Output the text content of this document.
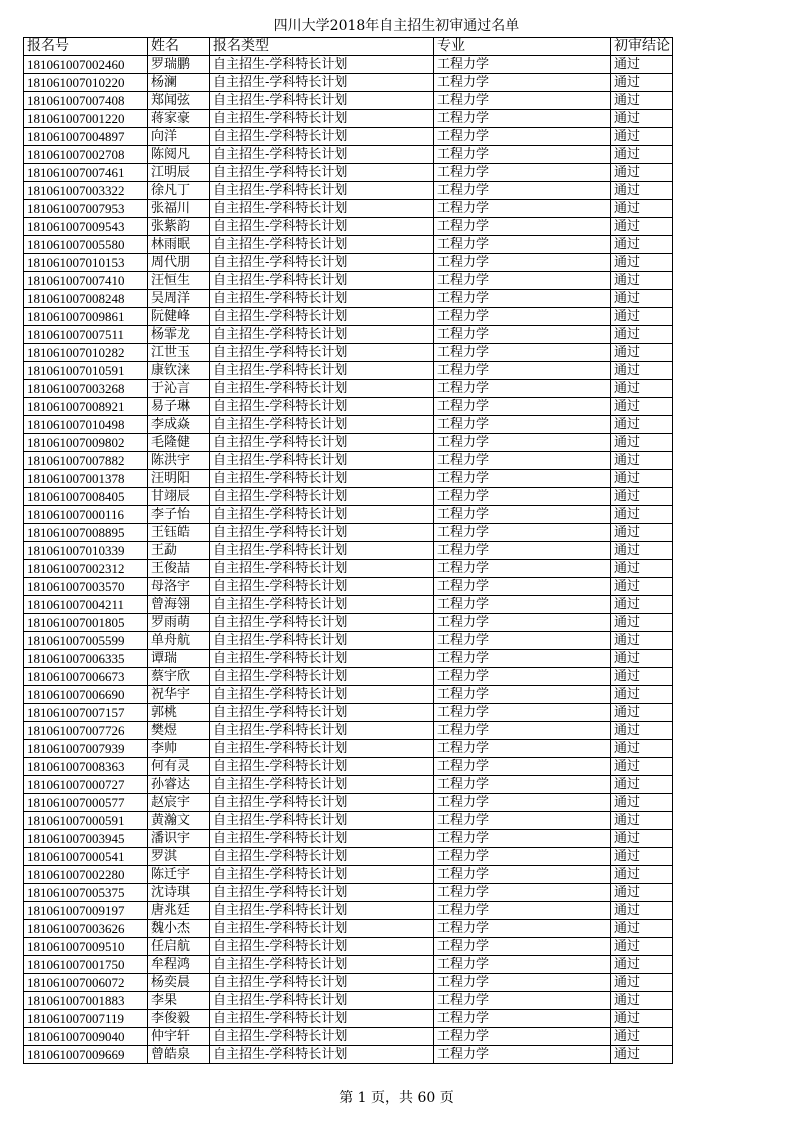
四川大学2018年自主招生初审通过名单
报名号	姓名	报名类型	专业	初审结论
181061007002460	罗瑞鹏	自主招生-学科特长计划	工程力学	通过
181061007010220	杨澜	自主招生-学科特长计划	工程力学	通过
181061007007408	郑闻弦	自主招生-学科特长计划	工程力学	通过
181061007001220	蒋家豪	自主招生-学科特长计划	工程力学	通过
181061007004897	向洋	自主招生-学科特长计划	工程力学	通过
181061007002708	陈阅凡	自主招生-学科特长计划	工程力学	通过
181061007007461	江明辰	自主招生-学科特长计划	工程力学	通过
181061007003322	徐凡丁	自主招生-学科特长计划	工程力学	通过
181061007007953	张福川	自主招生-学科特长计划	工程力学	通过
181061007009543	张紫韵	自主招生-学科特长计划	工程力学	通过
181061007005580	林雨眠	自主招生-学科特长计划	工程力学	通过
181061007010153	周代朋	自主招生-学科特长计划	工程力学	通过
181061007007410	汪恒生	自主招生-学科特长计划	工程力学	通过
181061007008248	吴周洋	自主招生-学科特长计划	工程力学	通过
181061007009861	阮健峰	自主招生-学科特长计划	工程力学	通过
181061007007511	杨霏龙	自主招生-学科特长计划	工程力学	通过
181061007010282	江世玉	自主招生-学科特长计划	工程力学	通过
181061007010591	康钦涞	自主招生-学科特长计划	工程力学	通过
181061007003268	于沁言	自主招生-学科特长计划	工程力学	通过
181061007008921	易子琳	自主招生-学科特长计划	工程力学	通过
181061007010498	李成焱	自主招生-学科特长计划	工程力学	通过
181061007009802	毛隆健	自主招生-学科特长计划	工程力学	通过
181061007007882	陈洪宇	自主招生-学科特长计划	工程力学	通过
181061007001378	汪明阳	自主招生-学科特长计划	工程力学	通过
181061007008405	甘翊辰	自主招生-学科特长计划	工程力学	通过
181061007000116	李子怡	自主招生-学科特长计划	工程力学	通过
181061007008895	王钰皓	自主招生-学科特长计划	工程力学	通过
181061007010339	王勐	自主招生-学科特长计划	工程力学	通过
181061007002312	王俊喆	自主招生-学科特长计划	工程力学	通过
181061007003570	母洛宇	自主招生-学科特长计划	工程力学	通过
181061007004211	曾海翎	自主招生-学科特长计划	工程力学	通过
181061007001805	罗雨萌	自主招生-学科特长计划	工程力学	通过
181061007005599	单舟航	自主招生-学科特长计划	工程力学	通过
181061007006335	谭瑞	自主招生-学科特长计划	工程力学	通过
181061007006673	蔡宇欣	自主招生-学科特长计划	工程力学	通过
181061007006690	祝华宇	自主招生-学科特长计划	工程力学	通过
181061007007157	郭桃	自主招生-学科特长计划	工程力学	通过
181061007007726	樊煜	自主招生-学科特长计划	工程力学	通过
181061007007939	李帅	自主招生-学科特长计划	工程力学	通过
181061007008363	何有灵	自主招生-学科特长计划	工程力学	通过
181061007000727	孙睿达	自主招生-学科特长计划	工程力学	通过
181061007000577	赵宸宇	自主招生-学科特长计划	工程力学	通过
181061007000591	黄瀚文	自主招生-学科特长计划	工程力学	通过
181061007003945	潘识宇	自主招生-学科特长计划	工程力学	通过
181061007000541	罗淇	自主招生-学科特长计划	工程力学	通过
181061007002280	陈迁宇	自主招生-学科特长计划	工程力学	通过
181061007005375	沈诗琪	自主招生-学科特长计划	工程力学	通过
181061007009197	唐兆廷	自主招生-学科特长计划	工程力学	通过
181061007003626	魏小杰	自主招生-学科特长计划	工程力学	通过
181061007009510	任启航	自主招生-学科特长计划	工程力学	通过
181061007001750	牟程鸿	自主招生-学科特长计划	工程力学	通过
181061007006072	杨奕晨	自主招生-学科特长计划	工程力学	通过
181061007001883	李果	自主招生-学科特长计划	工程力学	通过
181061007007119	李俊毅	自主招生-学科特长计划	工程力学	通过
181061007009040	仲宇轩	自主招生-学科特长计划	工程力学	通过
181061007009669	曾皓泉	自主招生-学科特长计划	工程力学	通过
第 1 页，共 60 页
